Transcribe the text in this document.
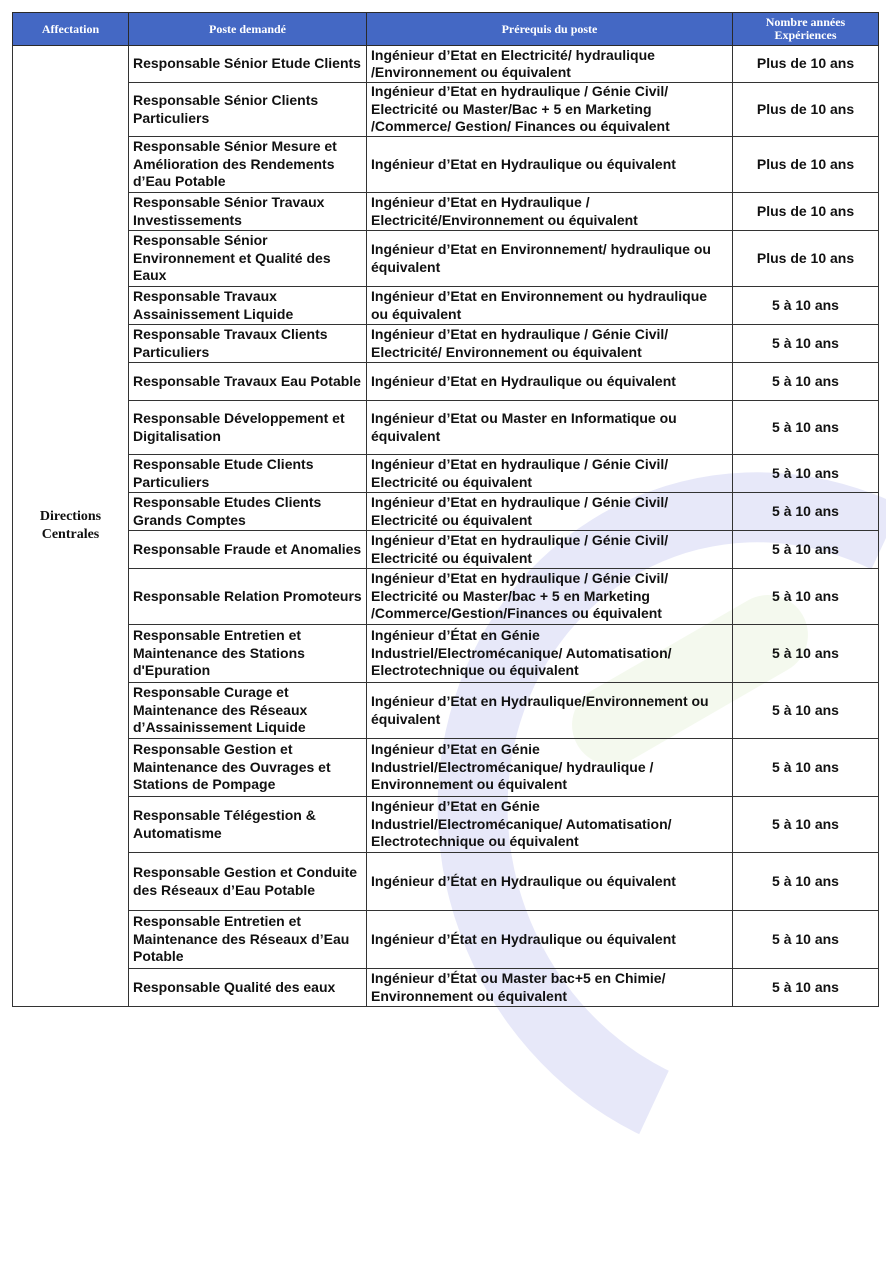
Affectation	Poste demandé	Prérequis du poste	Nombre années Expériences
Directions Centrales	Responsable Sénior Etude Clients	Ingénieur d’Etat en Electricité/ hydraulique /Environnement ou équivalent	Plus de 10 ans
	Responsable Sénior Clients Particuliers	Ingénieur d’Etat en hydraulique / Génie Civil/ Electricité ou Master/Bac + 5 en Marketing /Commerce/ Gestion/ Finances ou équivalent	Plus de 10 ans
	Responsable Sénior Mesure et Amélioration des Rendements d’Eau Potable	Ingénieur d’Etat en Hydraulique ou équivalent	Plus de 10 ans
	Responsable Sénior Travaux Investissements	Ingénieur d’Etat en Hydraulique / Electricité/Environnement ou équivalent	Plus de 10 ans
	Responsable Sénior Environnement et Qualité des Eaux	Ingénieur d’Etat en Environnement/ hydraulique ou équivalent	Plus de 10 ans
	Responsable Travaux Assainissement Liquide	Ingénieur d’Etat en Environnement ou hydraulique ou équivalent	5 à 10 ans
	Responsable Travaux Clients Particuliers	Ingénieur d’Etat en hydraulique / Génie Civil/ Electricité/ Environnement ou équivalent	5 à 10 ans
	Responsable Travaux Eau Potable	Ingénieur d’Etat en Hydraulique ou équivalent	5 à 10 ans
	Responsable Développement et Digitalisation	Ingénieur d’Etat ou Master en Informatique ou équivalent	5 à 10 ans
	Responsable Etude Clients Particuliers	Ingénieur d’Etat en hydraulique / Génie Civil/ Electricité ou équivalent	5 à 10 ans
	Responsable Etudes Clients Grands Comptes	Ingénieur d’Etat en hydraulique / Génie Civil/ Electricité ou équivalent	5 à 10 ans
	Responsable Fraude et Anomalies	Ingénieur d’Etat en hydraulique / Génie Civil/ Electricité ou équivalent	5 à 10 ans
	Responsable Relation Promoteurs	Ingénieur d’Etat en hydraulique / Génie Civil/ Electricité ou Master/bac + 5 en Marketing /Commerce/Gestion/Finances ou équivalent	5 à 10 ans
	Responsable Entretien et Maintenance des Stations d'Epuration	Ingénieur d’État en Génie Industriel/Electromécanique/ Automatisation/ Electrotechnique ou équivalent	5 à 10 ans
	Responsable Curage et Maintenance des Réseaux d’Assainissement Liquide	Ingénieur d’Etat en Hydraulique/Environnement ou équivalent	5 à 10 ans
	Responsable Gestion et Maintenance des Ouvrages et Stations de Pompage	Ingénieur d’Etat en Génie Industriel/Electromécanique/ hydraulique / Environnement ou équivalent	5 à 10 ans
	Responsable Télégestion & Automatisme	Ingénieur d’Etat en Génie Industriel/Electromécanique/ Automatisation/ Electrotechnique ou équivalent	5 à 10 ans
	Responsable Gestion et Conduite des Réseaux d’Eau Potable	Ingénieur d’État en Hydraulique ou équivalent	5 à 10 ans
	Responsable Entretien et Maintenance des Réseaux d’Eau Potable	Ingénieur d’État en Hydraulique ou équivalent	5 à 10 ans
	Responsable Qualité des eaux	Ingénieur d’État ou Master bac+5 en Chimie/ Environnement ou équivalent	5 à 10 ans
